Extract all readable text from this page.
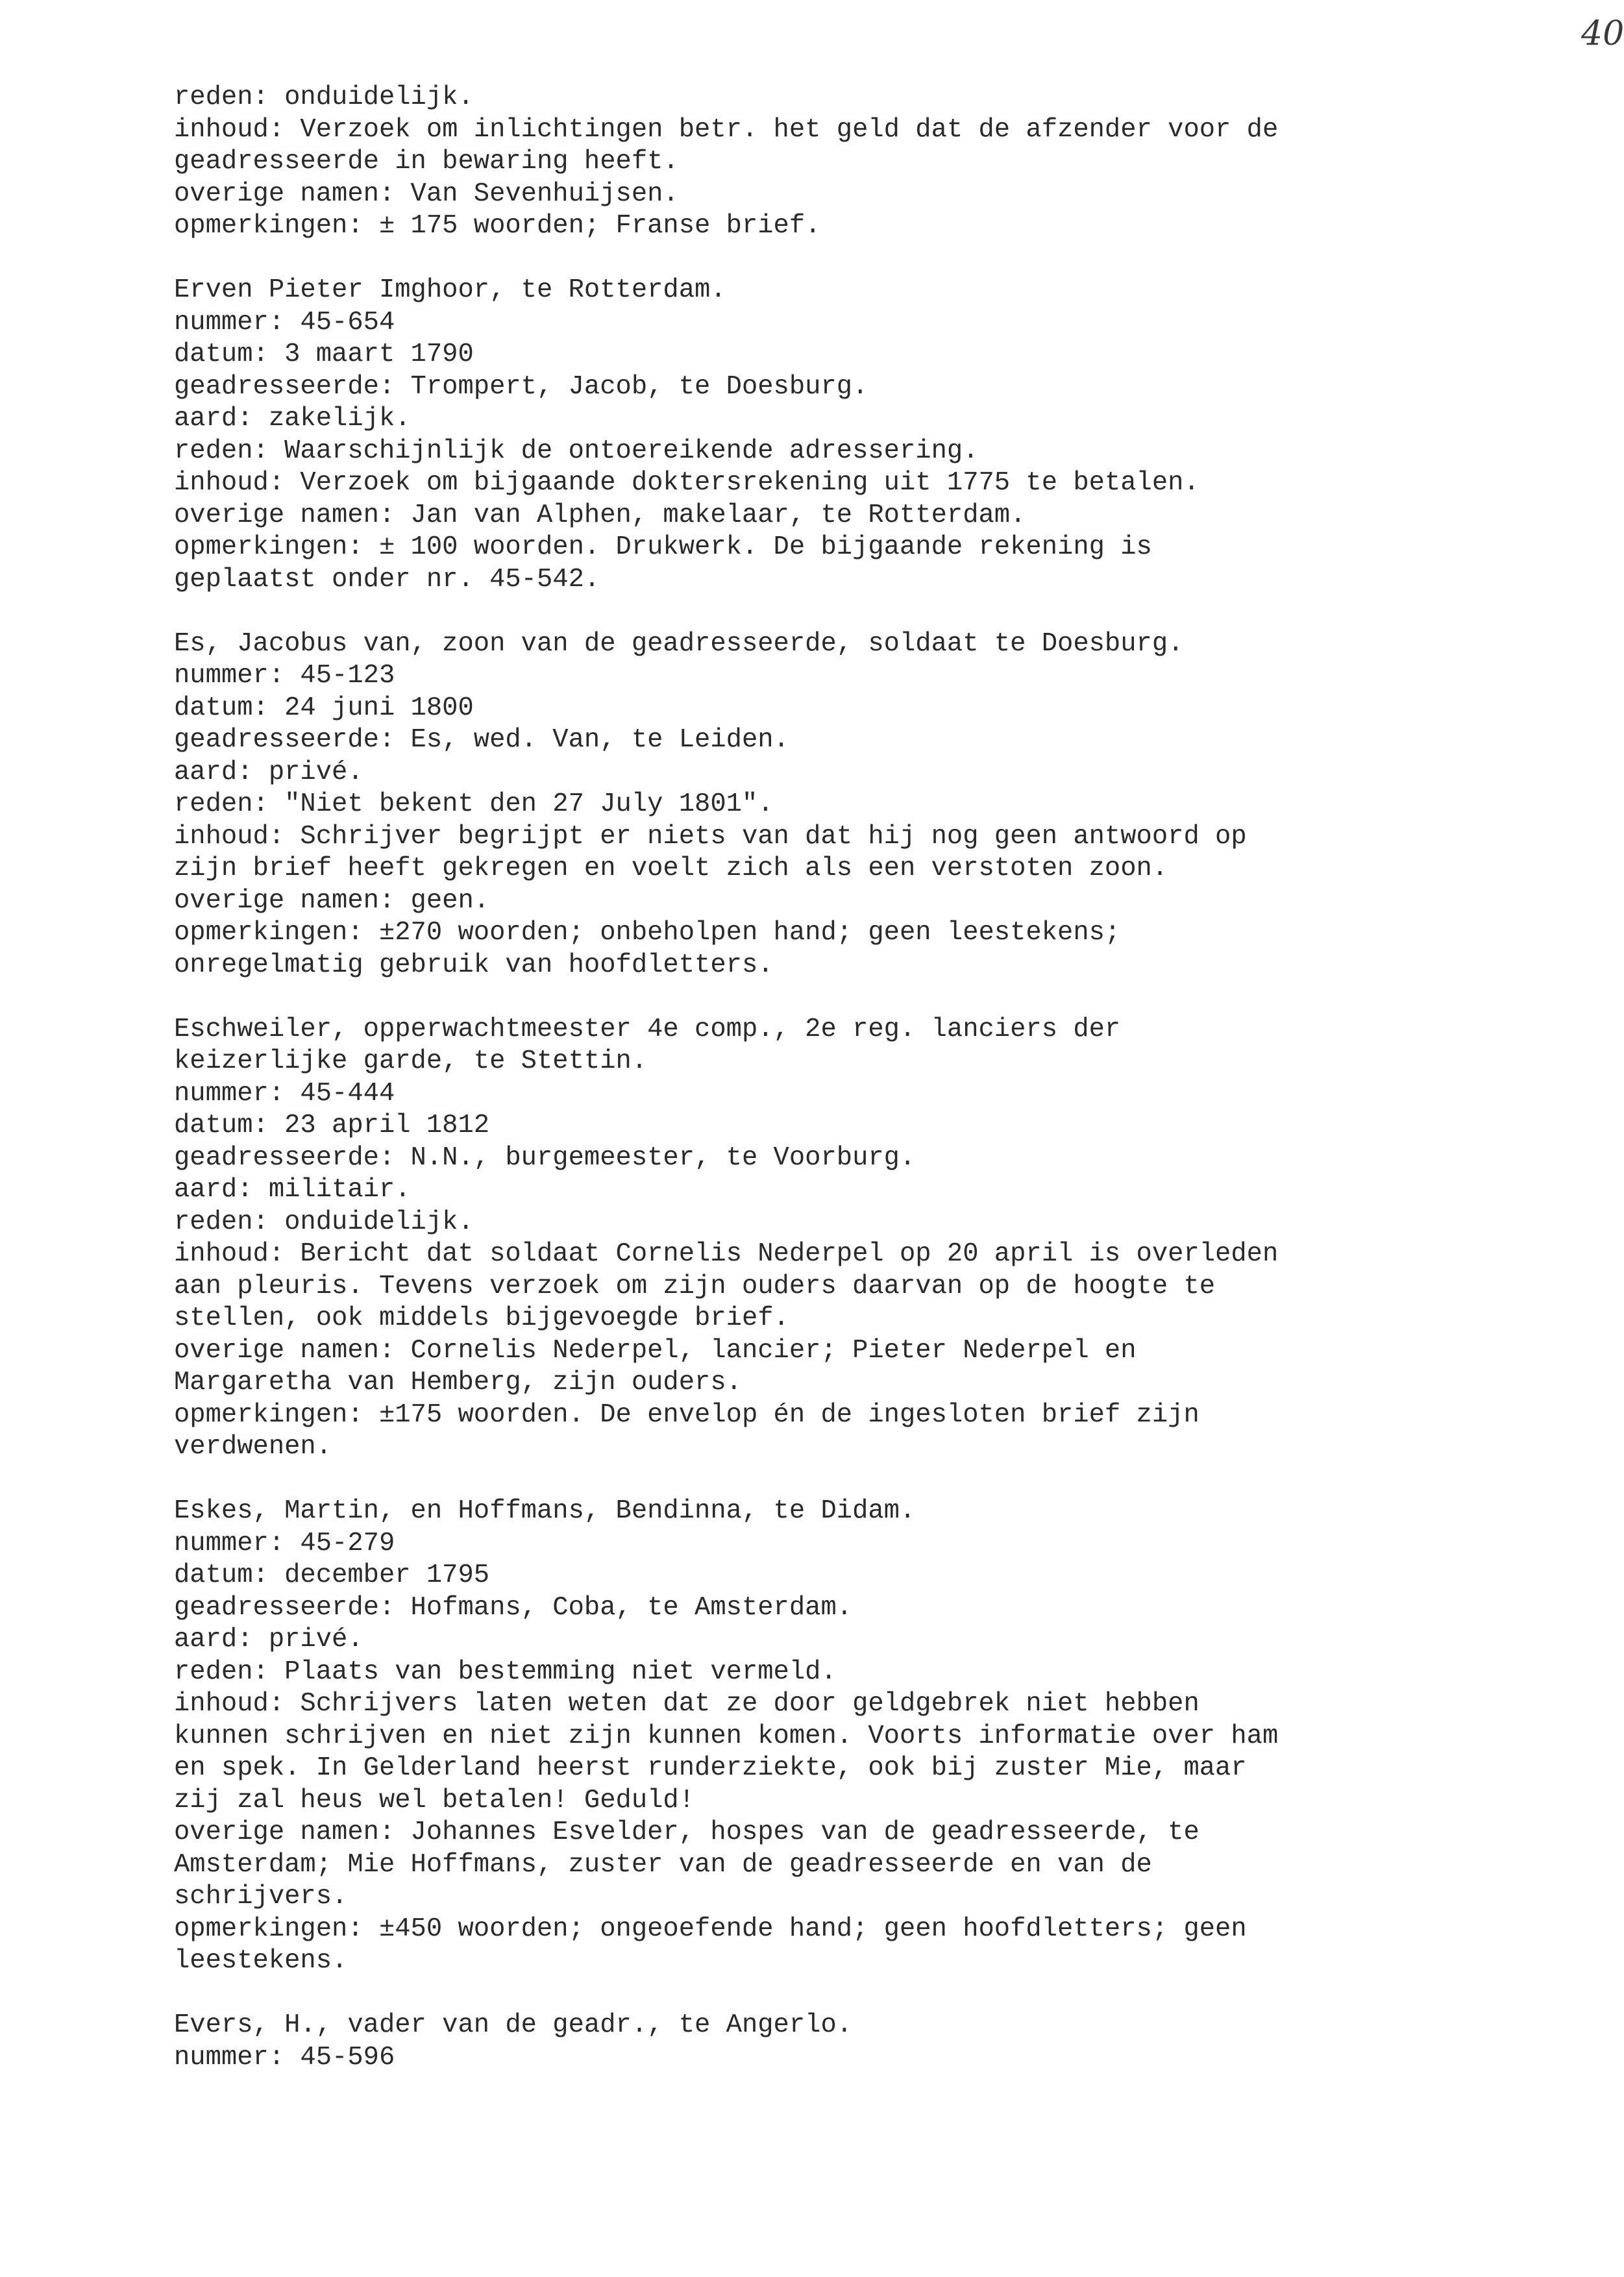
40
reden: onduidelijk.
inhoud: Verzoek om inlichtingen betr. het geld dat de afzender voor de
geadresseerde in bewaring heeft.
overige namen: Van Sevenhuijsen.
opmerkingen: ± 175 woorden; Franse brief.
Erven Pieter Imghoor, te Rotterdam.
nummer: 45-654
datum: 3 maart 1790
geadresseerde: Trompert, Jacob, te Doesburg.
aard: zakelijk.
reden: Waarschijnlijk de ontoereikende adressering.
inhoud: Verzoek om bijgaande doktersrekening uit 1775 te betalen.
overige namen: Jan van Alphen, makelaar, te Rotterdam.
opmerkingen: ± 100 woorden. Drukwerk. De bijgaande rekening is
geplaatst onder nr. 45-542.
Es, Jacobus van, zoon van de geadresseerde, soldaat te Doesburg.
nummer: 45-123
datum: 24 juni 1800
geadresseerde: Es, wed. Van, te Leiden.
aard: privé.
reden: "Niet bekent den 27 July 1801".
inhoud: Schrijver begrijpt er niets van dat hij nog geen antwoord op
zijn brief heeft gekregen en voelt zich als een verstoten zoon.
overige namen: geen.
opmerkingen: ±270 woorden; onbeholpen hand; geen leestekens;
onregelmatig gebruik van hoofdletters.
Eschweiler, opperwachtmeester 4e comp., 2e reg. lanciers der
keizerlijke garde, te Stettin.
nummer: 45-444
datum: 23 april 1812
geadresseerde: N.N., burgemeester, te Voorburg.
aard: militair.
reden: onduidelijk.
inhoud: Bericht dat soldaat Cornelis Nederpel op 20 april is overleden
aan pleuris. Tevens verzoek om zijn ouders daarvan op de hoogte te
stellen, ook middels bijgevoegde brief.
overige namen: Cornelis Nederpel, lancier; Pieter Nederpel en
Margaretha van Hemberg, zijn ouders.
opmerkingen: ±175 woorden. De envelop én de ingesloten brief zijn
verdwenen.
Eskes, Martin, en Hoffmans, Bendinna, te Didam.
nummer: 45-279
datum: december 1795
geadresseerde: Hofmans, Coba, te Amsterdam.
aard: privé.
reden: Plaats van bestemming niet vermeld.
inhoud: Schrijvers laten weten dat ze door geldgebrek niet hebben
kunnen schrijven en niet zijn kunnen komen. Voorts informatie over ham
en spek. In Gelderland heerst runderziekte, ook bij zuster Mie, maar
zij zal heus wel betalen! Geduld!
overige namen: Johannes Esvelder, hospes van de geadresseerde, te
Amsterdam; Mie Hoffmans, zuster van de geadresseerde en van de
schrijvers.
opmerkingen: ±450 woorden; ongeoefende hand; geen hoofdletters; geen
leestekens.
Evers, H., vader van de geadr., te Angerlo.
nummer: 45-596
